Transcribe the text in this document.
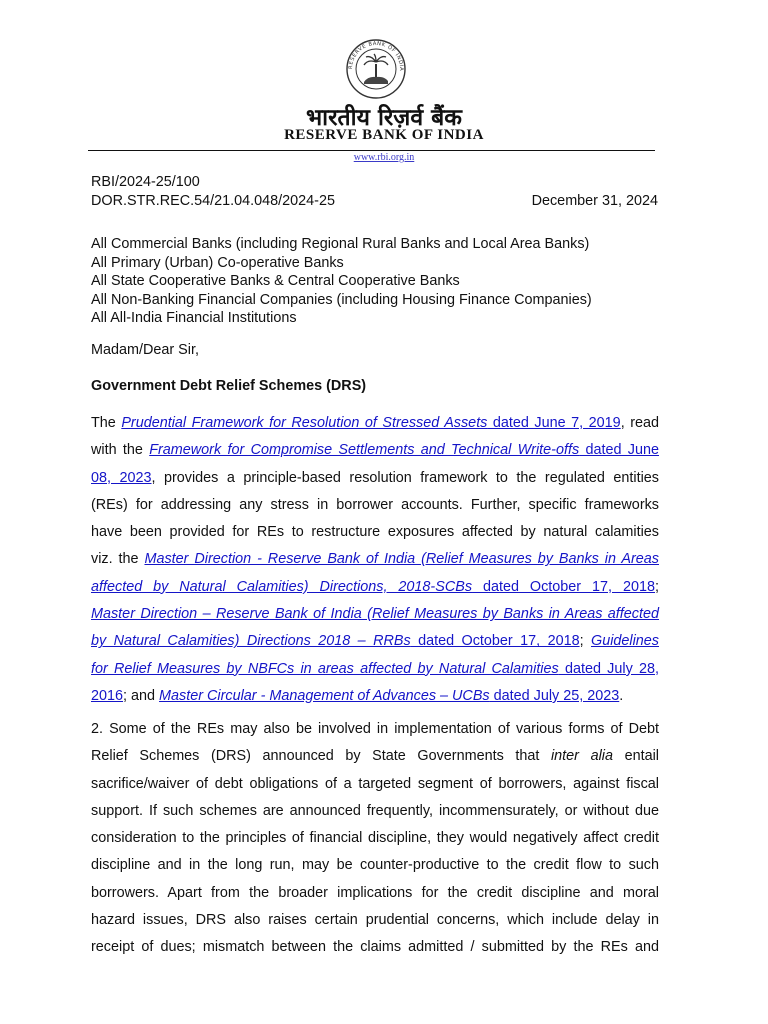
RESERVE BANK OF INDIA
भारतीय रिज़र्व बैंक
RESERVE BANK OF INDIA
www.rbi.org.in
RBI/2024-25/100
DOR.STR.REC.54/21.04.048/2024-25	December 31, 2024
All Commercial Banks (including Regional Rural Banks and Local Area Banks)
All Primary (Urban) Co-operative Banks
All State Cooperative Banks & Central Cooperative Banks
All Non-Banking Financial Companies (including Housing Finance Companies)
All All-India Financial Institutions
Madam/Dear Sir,
Government Debt Relief Schemes (DRS)
The Prudential Framework for Resolution of Stressed Assets dated June 7, 2019, read
with the Framework for Compromise Settlements and Technical Write-offs dated June
08, 2023, provides a principle-based resolution framework to the regulated entities
(REs) for addressing any stress in borrower accounts. Further, specific frameworks
have been provided for REs to restructure exposures affected by natural calamities
viz. the Master Direction - Reserve Bank of India (Relief Measures by Banks in Areas
affected by Natural Calamities) Directions, 2018-SCBs dated October 17, 2018;
Master Direction – Reserve Bank of India (Relief Measures by Banks in Areas affected
by Natural Calamities) Directions 2018 – RRBs dated October 17, 2018; Guidelines
for Relief Measures by NBFCs in areas affected by Natural Calamities dated July 28,
2016; and Master Circular - Management of Advances – UCBs dated July 25, 2023.
2. Some of the REs may also be involved in implementation of various forms of Debt
Relief Schemes (DRS) announced by State Governments that inter alia entail
sacrifice/waiver of debt obligations of a targeted segment of borrowers, against fiscal
support. If such schemes are announced frequently, incommensurately, or without due
consideration to the principles of financial discipline, they would negatively affect credit
discipline and in the long run, may be counter-productive to the credit flow to such
borrowers. Apart from the broader implications for the credit discipline and moral
hazard issues, DRS also raises certain prudential concerns, which include delay in
receipt of dues; mismatch between the claims admitted / submitted by the REs and
